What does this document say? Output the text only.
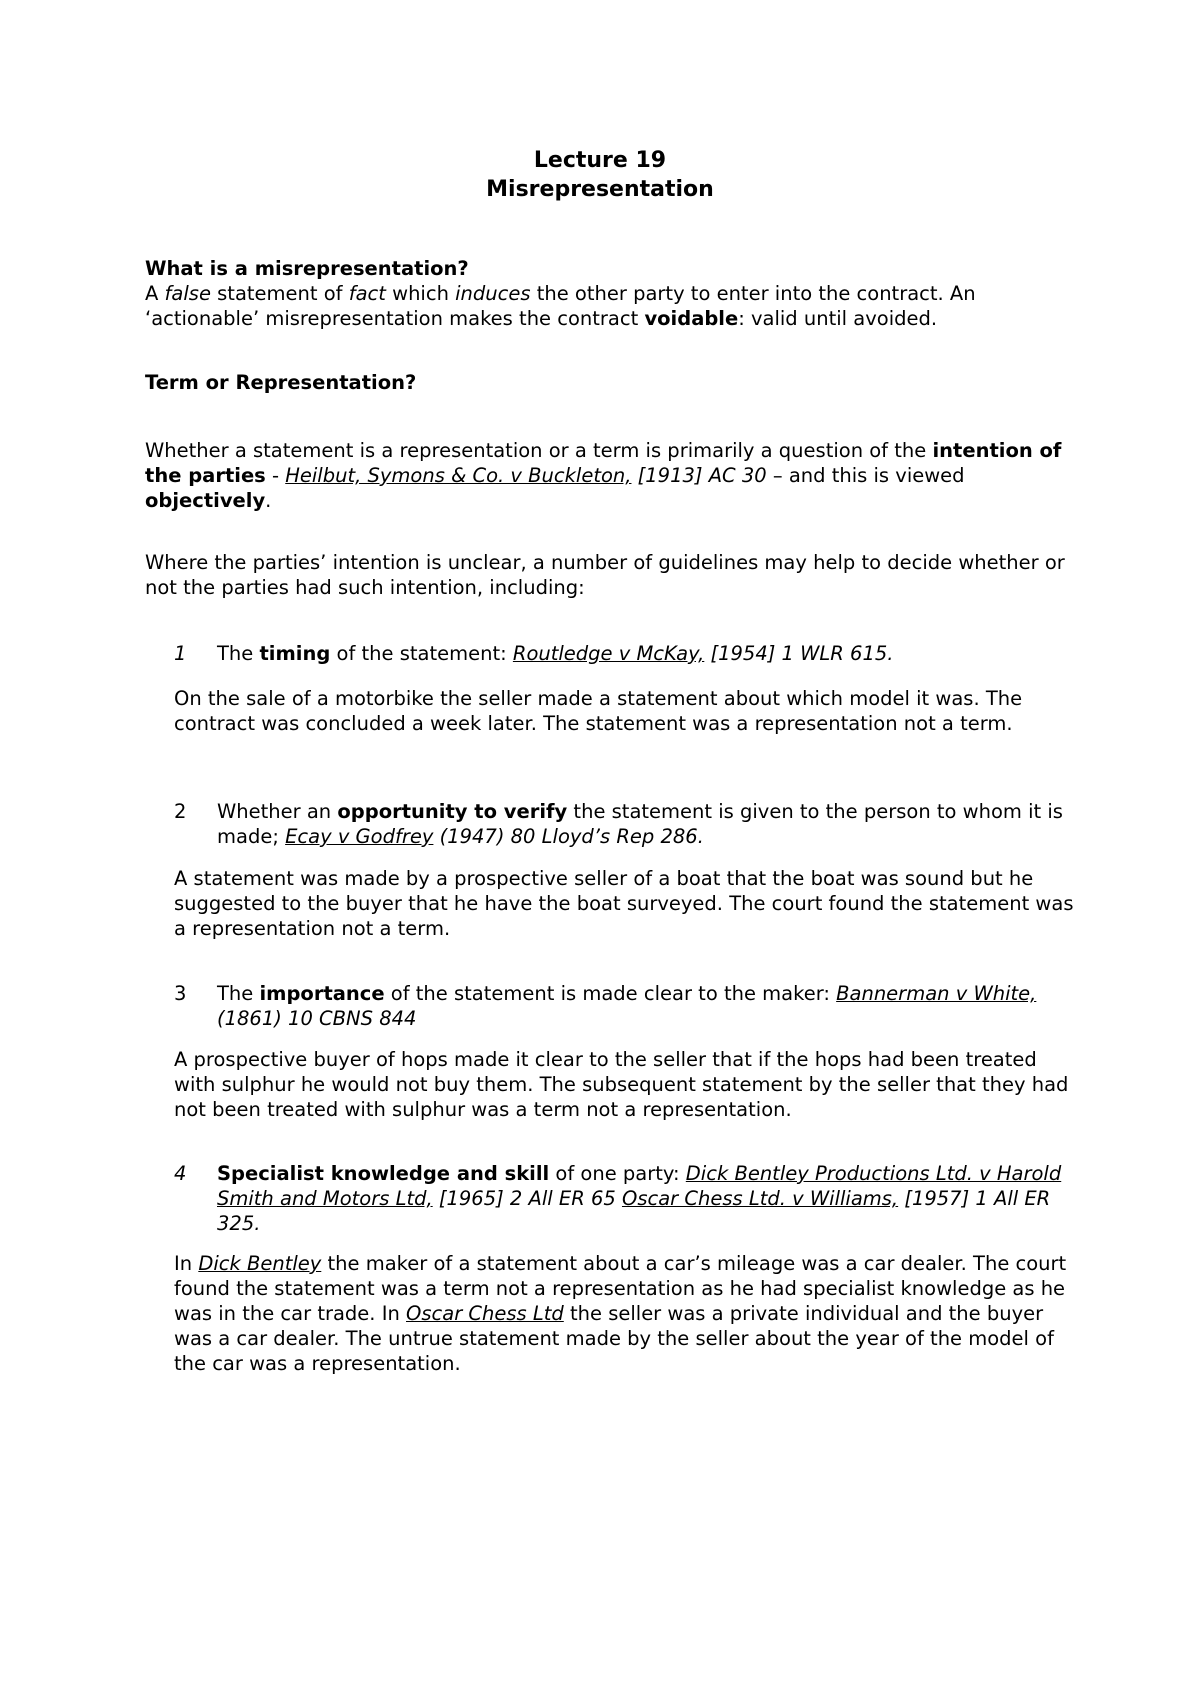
Lecture 19
Misrepresentation
What is a misrepresentation?
A false statement of fact which induces the other party to enter into the contract. An ‘actionable’ misrepresentation makes the contract voidable: valid until avoided.
Term or Representation?
Whether a statement is a representation or a term is primarily a question of the intention of the parties - Heilbut, Symons & Co. v Buckleton, [1913] AC 30 – and this is viewed objectively.
Where the parties’ intention is unclear, a number of guidelines may help to decide whether or not the parties had such intention, including:
1 The timing of the statement: Routledge v McKay, [1954] 1 WLR 615.
On the sale of a motorbike the seller made a statement about which model it was. The contract was concluded a week later. The statement was a representation not a term.
2 Whether an opportunity to verify the statement is given to the person to whom it is made; Ecay v Godfrey (1947) 80 Lloyd’s Rep 286.
A statement was made by a prospective seller of a boat that the boat was sound but he suggested to the buyer that he have the boat surveyed. The court found the statement was a representation not a term.
3 The importance of the statement is made clear to the maker: Bannerman v White, (1861) 10 CBNS 844
A prospective buyer of hops made it clear to the seller that if the hops had been treated with sulphur he would not buy them. The subsequent statement by the seller that they had not been treated with sulphur was a term not a representation.
4 Specialist knowledge and skill of one party: Dick Bentley Productions Ltd. v Harold Smith and Motors Ltd, [1965] 2 All ER 65 Oscar Chess Ltd. v Williams, [1957] 1 All ER 325.
In Dick Bentley the maker of a statement about a car’s mileage was a car dealer. The court found the statement was a term not a representation as he had specialist knowledge as he was in the car trade. In Oscar Chess Ltd the seller was a private individual and the buyer was a car dealer. The untrue statement made by the seller about the year of the model of the car was a representation.
